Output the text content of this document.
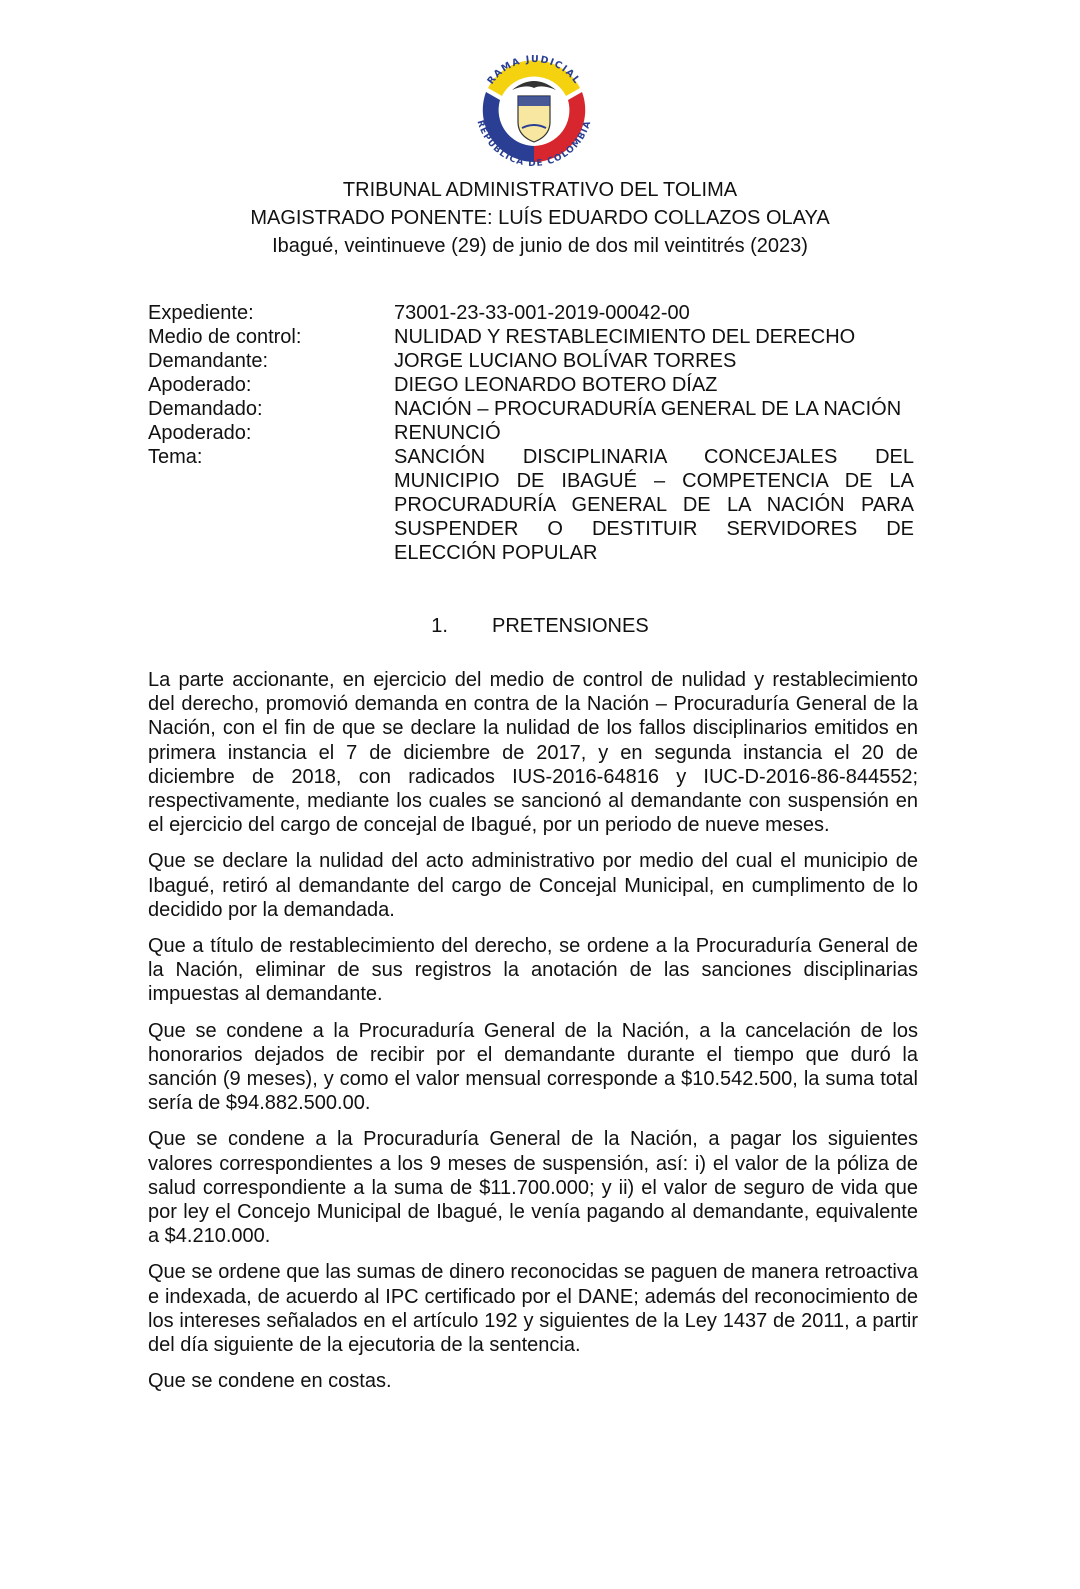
RAMA JUDICIAL
REPÚBLICA DE COLOMBIA
TRIBUNAL ADMINISTRATIVO DEL TOLIMA
MAGISTRADO PONENTE: LUÍS EDUARDO COLLAZOS OLAYA
Ibagué, veintinueve (29) de junio de dos mil veintitrés (2023)
Expediente:	73001-23-33-001-2019-00042-00
Medio de control:	NULIDAD Y RESTABLECIMIENTO DEL DERECHO
Demandante:	JORGE LUCIANO BOLÍVAR TORRES
Apoderado:	DIEGO LEONARDO BOTERO DÍAZ
Demandado:	NACIÓN – PROCURADURÍA GENERAL DE LA NACIÓN
Apoderado:	RENUNCIÓ
Tema:	SANCIÓN DISCIPLINARIA CONCEJALES DEL MUNICIPIO DE IBAGUÉ – COMPETENCIA DE LA PROCURADURÍA GENERAL DE LA NACIÓN PARA SUSPENDER O DESTITUIR SERVIDORES DE ELECCIÓN POPULAR
1. PRETENSIONES

La parte accionante, en ejercicio del medio de control de nulidad y restablecimiento del derecho, promovió demanda en contra de la Nación – Procuraduría General de la Nación, con el fin de que se declare la nulidad de los fallos disciplinarios emitidos en primera instancia el 7 de diciembre de 2017, y en segunda instancia el 20 de diciembre de 2018, con radicados IUS-2016-64816 y IUC-D-2016-86-844552; respectivamente, mediante los cuales se sancionó al demandante con suspensión en el ejercicio del cargo de concejal de Ibagué, por un periodo de nueve meses.

Que se declare la nulidad del acto administrativo por medio del cual el municipio de Ibagué, retiró al demandante del cargo de Concejal Municipal, en cumplimento de lo decidido por la demandada.

Que a título de restablecimiento del derecho, se ordene a la Procuraduría General de la Nación, eliminar de sus registros la anotación de las sanciones disciplinarias impuestas al demandante.

Que se condene a la Procuraduría General de la Nación, a la cancelación de los honorarios dejados de recibir por el demandante durante el tiempo que duró la sanción (9 meses), y como el valor mensual corresponde a $10.542.500, la suma total sería de $94.882.500.00.

Que se condene a la Procuraduría General de la Nación, a pagar los siguientes valores correspondientes a los 9 meses de suspensión, así: i) el valor de la póliza de salud correspondiente a la suma de $11.700.000; y ii) el valor de seguro de vida que por ley el Concejo Municipal de Ibagué, le venía pagando al demandante, equivalente a $4.210.000.

Que se ordene que las sumas de dinero reconocidas se paguen de manera retroactiva e indexada, de acuerdo al IPC certificado por el DANE; además del reconocimiento de los intereses señalados en el artículo 192 y siguientes de la Ley 1437 de 2011, a partir del día siguiente de la ejecutoria de la sentencia.

Que se condene en costas.
